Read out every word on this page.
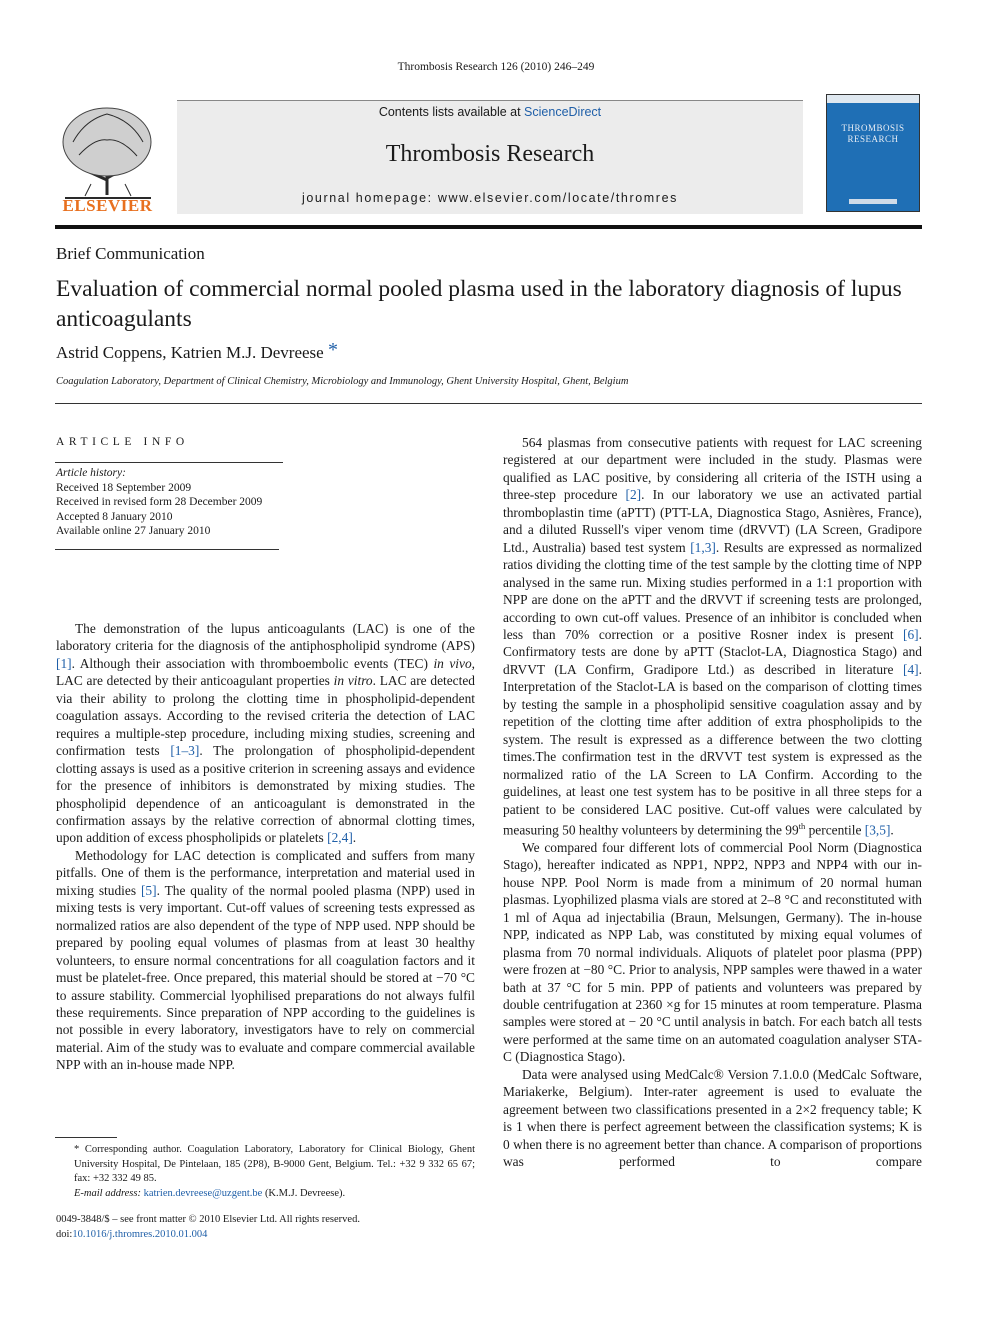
Thrombosis Research 126 (2010) 246–249
ELSEVIER
Contents lists available at ScienceDirect
Thrombosis Research
journal homepage: www.elsevier.com/locate/thromres
THROMBOSIS
RESEARCH
Brief Communication
Evaluation of commercial normal pooled plasma used in the laboratory diagnosis of lupus anticoagulants
Astrid Coppens, Katrien M.J. Devreese *
Coagulation Laboratory, Department of Clinical Chemistry, Microbiology and Immunology, Ghent University Hospital, Ghent, Belgium
ARTICLE INFO
Article history:
Received 18 September 2009
Received in revised form 28 December 2009
Accepted 8 January 2010
Available online 27 January 2010

The demonstration of the lupus anticoagulants (LAC) is one of the laboratory criteria for the diagnosis of the antiphospholipid syndrome (APS) [1]. Although their association with thromboembolic events (TEC) in vivo, LAC are detected by their anticoagulant properties in vitro. LAC are detected via their ability to prolong the clotting time in phospholipid-dependent coagulation assays. According to the revised criteria the detection of LAC requires a multiple-step procedure, including mixing studies, screening and confirmation tests [1–3]. The prolongation of phospholipid-dependent clotting assays is used as a positive criterion in screening assays and evidence for the presence of inhibitors is demonstrated by mixing studies. The phospholipid dependence of an anticoagulant is demonstrated in the confirmation assays by the relative correction of abnormal clotting times, upon addition of excess phospholipids or platelets [2,4].

Methodology for LAC detection is complicated and suffers from many pitfalls. One of them is the performance, interpretation and material used in mixing studies [5]. The quality of the normal pooled plasma (NPP) used in mixing tests is very important. Cut-off values of screening tests expressed as normalized ratios are also dependent of the type of NPP used. NPP should be prepared by pooling equal volumes of plasmas from at least 30 healthy volunteers, to ensure normal concentrations for all coagulation factors and it must be platelet-free. Once prepared, this material should be stored at −70 °C to assure stability. Commercial lyophilised preparations do not always fulfil these requirements. Since preparation of NPP according to the guidelines is not possible in every laboratory, investigators have to rely on commercial material. Aim of the study was to evaluate and compare commercial available NPP with an in-house made NPP.

564 plasmas from consecutive patients with request for LAC screening registered at our department were included in the study. Plasmas were qualified as LAC positive, by considering all criteria of the ISTH using a three-step procedure [2]. In our laboratory we use an activated partial thromboplastin time (aPTT) (PTT-LA, Diagnostica Stago, Asnières, France), and a diluted Russell's viper venom time (dRVVT) (LA Screen, Gradipore Ltd., Australia) based test system [1,3]. Results are expressed as normalized ratios dividing the clotting time of the test sample by the clotting time of NPP analysed in the same run. Mixing studies performed in a 1:1 proportion with NPP are done on the aPTT and the dRVVT if screening tests are prolonged, according to own cut-off values. Presence of an inhibitor is concluded when less than 70% correction or a positive Rosner index is present [6]. Confirmatory tests are done by aPTT (Staclot-LA, Diagnostica Stago) and dRVVT (LA Confirm, Gradipore Ltd.) as described in literature [4]. Interpretation of the Staclot-LA is based on the comparison of clotting times by testing the sample in a phospholipid sensitive coagulation assay and by repetition of the clotting time after addition of extra phospholipids to the system. The result is expressed as a difference between the two clotting times.The confirmation test in the dRVVT test system is expressed as the normalized ratio of the LA Screen to LA Confirm. According to the guidelines, at least one test system has to be positive in all three steps for a patient to be considered LAC positive. Cut-off values were calculated by measuring 50 healthy volunteers by determining the 99th percentile [3,5].

We compared four different lots of commercial Pool Norm (Diagnostica Stago), hereafter indicated as NPP1, NPP2, NPP3 and NPP4 with our in-house NPP. Pool Norm is made from a minimum of 20 normal human plasmas. Lyophilized plasma vials are stored at 2–8 °C and reconstituted with 1 ml of Aqua ad injectabilia (Braun, Melsungen, Germany). The in-house NPP, indicated as NPP Lab, was constituted by mixing equal volumes of plasma from 70 normal individuals. Aliquots of platelet poor plasma (PPP) were frozen at −80 °C. Prior to analysis, NPP samples were thawed in a water bath at 37 °C for 5 min. PPP of patients and volunteers was prepared by double centrifugation at 2360 ×g for 15 minutes at room temperature. Plasma samples were stored at − 20 °C until analysis in batch. For each batch all tests were performed at the same time on an automated coagulation analyser STA-C (Diagnostica Stago).

Data were analysed using MedCalc® Version 7.1.0.0 (MedCalc Software, Mariakerke, Belgium). Inter-rater agreement is used to evaluate the agreement between two classifications presented in a 2×2 frequency table; K is 1 when there is perfect agreement between the classification systems; K is 0 when there is no agreement better than chance. A comparison of proportions was performed to compare

* Corresponding author. Coagulation Laboratory, Laboratory for Clinical Biology, Ghent University Hospital, De Pintelaan, 185 (2P8), B-9000 Gent, Belgium. Tel.: +32 9 332 65 67; fax: +32 332 49 85.
E-mail address: katrien.devreese@uzgent.be (K.M.J. Devreese).
0049-3848/$ – see front matter © 2010 Elsevier Ltd. All rights reserved.
doi:10.1016/j.thromres.2010.01.004
